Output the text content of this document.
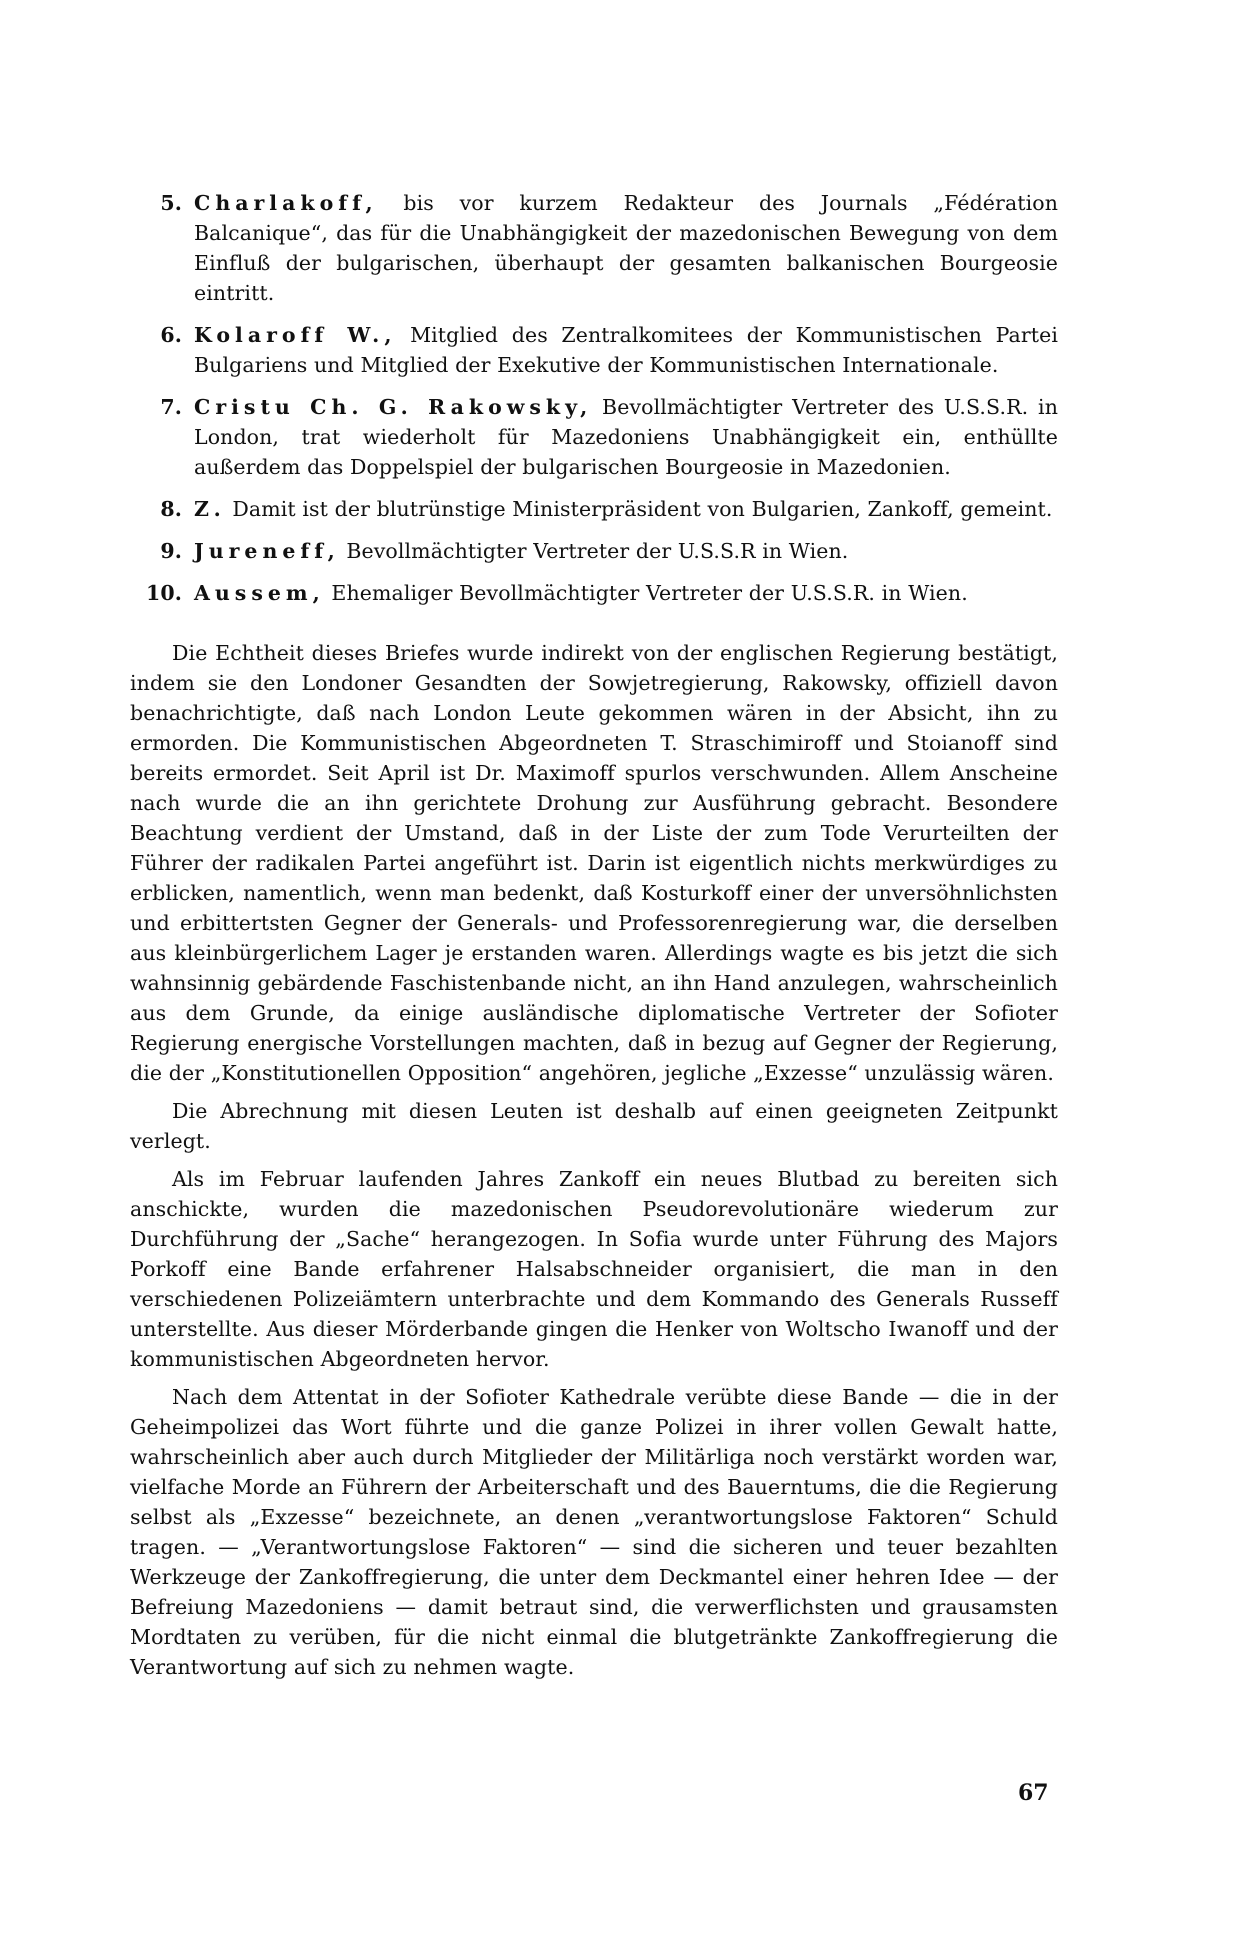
5. Charlakoff, bis vor kurzem Redakteur des Journals „Fédération Balcanique“, das für die Unabhängigkeit der mazedonischen Bewegung von dem Einfluß der bulgarischen, überhaupt der gesamten balkanischen Bourgeosie eintritt.
6. Kolaroff W., Mitglied des Zentralkomitees der Kommunistischen Partei Bulgariens und Mitglied der Exekutive der Kommunistischen Internationale.
7. Cristu Ch. G. Rakowsky, Bevollmächtigter Vertreter des U.S.S.R. in London, trat wiederholt für Mazedoniens Unabhängigkeit ein, enthüllte außerdem das Doppelspiel der bulgarischen Bourgeosie in Mazedonien.
8. Z. Damit ist der blutrünstige Ministerpräsident von Bulgarien, Zankoff, gemeint.
9. Jureneff, Bevollmächtigter Vertreter der U.S.S.R in Wien.
10. Aussem, Ehemaliger Bevollmächtigter Vertreter der U.S.S.R. in Wien.

Die Echtheit dieses Briefes wurde indirekt von der englischen Regierung bestätigt, indem sie den Londoner Gesandten der Sowjetregierung, Rakowsky, offiziell davon benachrichtigte, daß nach London Leute gekommen wären in der Absicht, ihn zu ermorden. Die Kommunistischen Abgeordneten T. Straschimiroff und Stoianoff sind bereits ermordet. Seit April ist Dr. Maximoff spurlos verschwunden. Allem Anscheine nach wurde die an ihn gerichtete Drohung zur Ausführung gebracht. Besondere Beachtung verdient der Umstand, daß in der Liste der zum Tode Verurteilten der Führer der radikalen Partei angeführt ist. Darin ist eigentlich nichts merkwürdiges zu erblicken, namentlich, wenn man bedenkt, daß Kosturkoff einer der unversöhnlichsten und erbittertsten Gegner der Generals- und Professorenregierung war, die derselben aus kleinbürgerlichem Lager je erstanden waren. Allerdings wagte es bis jetzt die sich wahnsinnig gebärdende Faschistenbande nicht, an ihn Hand anzulegen, wahrscheinlich aus dem Grunde, da einige ausländische diplomatische Vertreter der Sofioter Regierung energische Vorstellungen machten, daß in bezug auf Gegner der Regierung, die der „Konstitutionellen Opposition“ angehören, jegliche „Exzesse“ unzulässig wären.

Die Abrechnung mit diesen Leuten ist deshalb auf einen geeigneten Zeitpunkt verlegt.

Als im Februar laufenden Jahres Zankoff ein neues Blutbad zu bereiten sich anschickte, wurden die mazedonischen Pseudorevolutionäre wiederum zur Durchführung der „Sache“ herangezogen. In Sofia wurde unter Führung des Majors Porkoff eine Bande erfahrener Halsabschneider organisiert, die man in den verschiedenen Polizeiämtern unterbrachte und dem Kommando des Generals Russeff unterstellte. Aus dieser Mörderbande gingen die Henker von Woltscho Iwanoff und der kommunistischen Abgeordneten hervor.

Nach dem Attentat in der Sofioter Kathedrale verübte diese Bande — die in der Geheimpolizei das Wort führte und die ganze Polizei in ihrer vollen Gewalt hatte, wahrscheinlich aber auch durch Mitglieder der Militärliga noch verstärkt worden war, vielfache Morde an Führern der Arbeiterschaft und des Bauerntums, die die Regierung selbst als „Exzesse“ bezeichnete, an denen „verantwortungslose Faktoren“ Schuld tragen. — „Verantwortungslose Faktoren“ — sind die sicheren und teuer bezahlten Werkzeuge der Zankoffregierung, die unter dem Deckmantel einer hehren Idee — der Befreiung Mazedoniens — damit betraut sind, die verwerflichsten und grausamsten Mordtaten zu verüben, für die nicht einmal die blutgetränkte Zankoffregierung die Verantwortung auf sich zu nehmen wagte.

67
